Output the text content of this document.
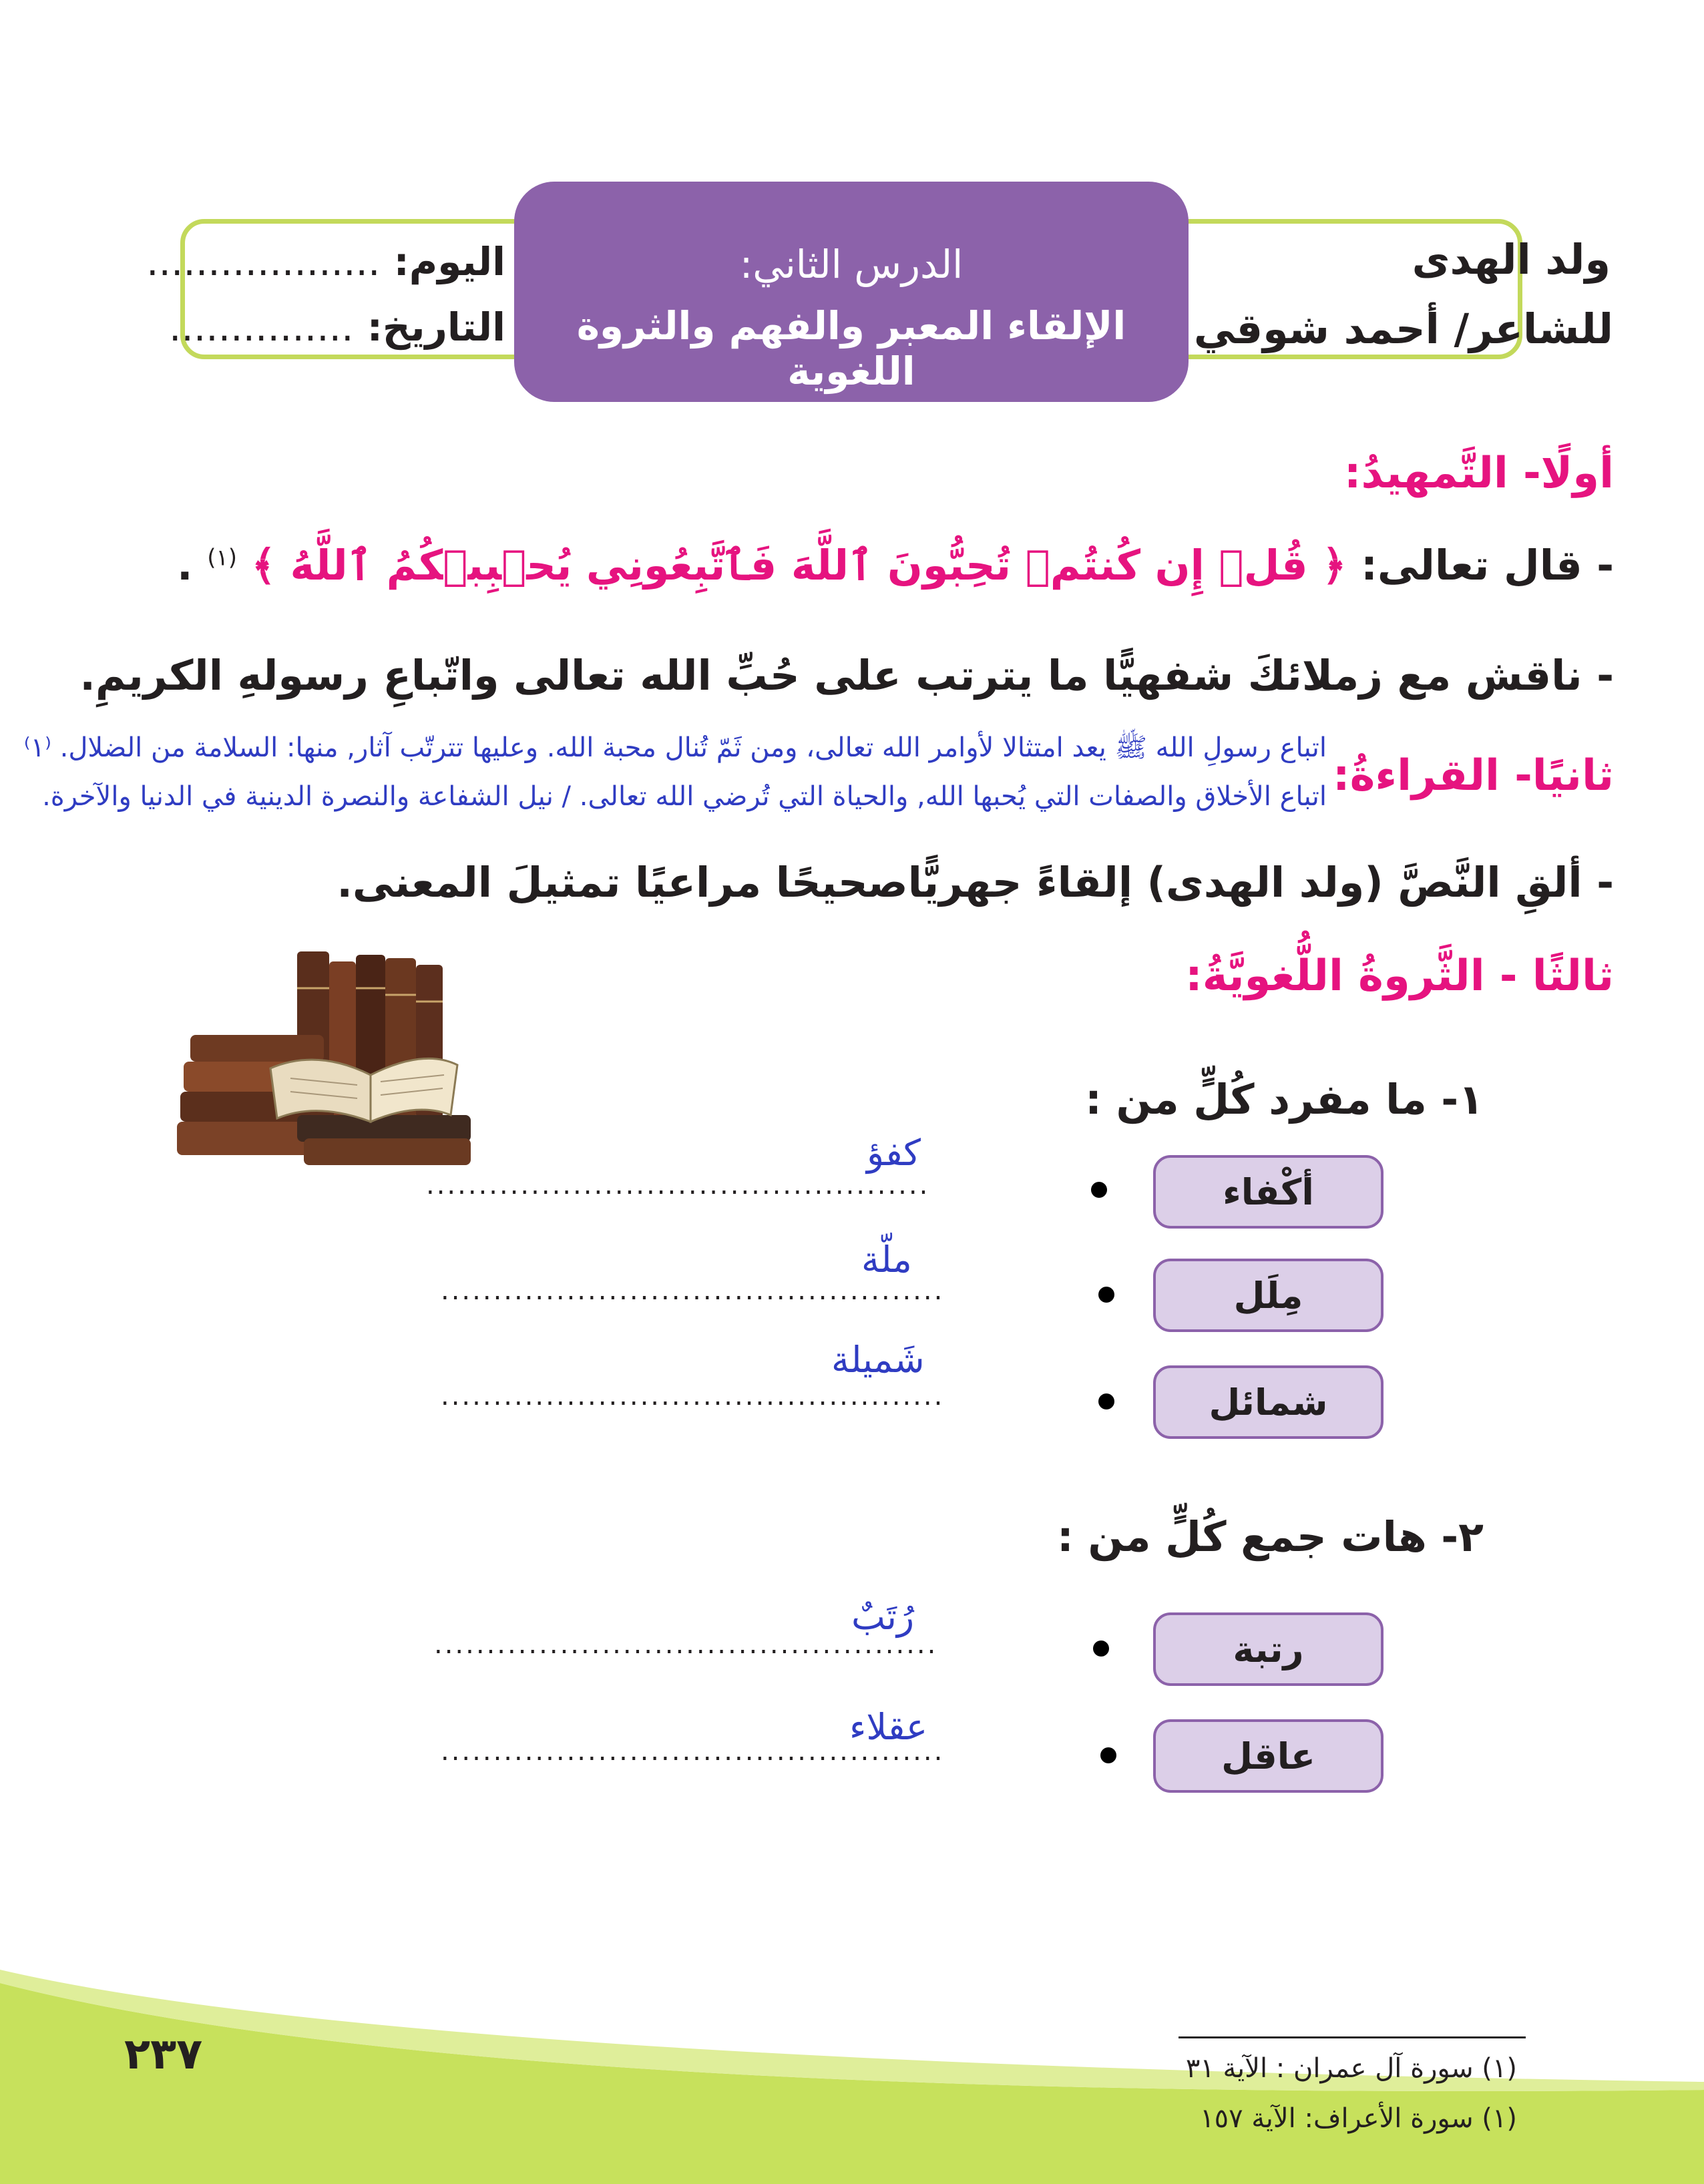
ولد الهدى
للشاعر/ أحمد شوقي
الدرس الثاني:
الإلقاء المعبر والفهم والثروة اللغوية
اليوم: ...................
التاريخ: ...............
أولًا- التَّمهيدُ:
- قال تعالى: ﴿ قُلۡ إِن كُنتُمۡ تُحِبُّونَ ٱللَّهَ فَٱتَّبِعُونِي يُحۡبِبۡكُمُ ٱللَّهُ ﴾ $^{(١)}$ .
- ناقش مع زملائكَ شفهيًّا ما يترتب على حُبِّ الله تعالى واتّباعِ رسولهِ الكريمِ.
اتباع رسولِ الله ﷺ يعد امتثالا لأوامر الله تعالى، ومن ثَمّ تُنال محبة الله. وعليها تترتّب آثار, منها: السلامة من الضلال. ⁽١⁾
اتباع الأخلاق والصفات التي يُحبها الله, والحياة التي تُرضي الله تعالى. / نيل الشفاعة والنصرة الدينية في الدنيا والآخرة. ثانيًا- القراءةُ:
- ألقِ النَّصَّ (ولد الهدى) إلقاءً جهريًّاصحيحًا مراعيًا تمثيلَ المعنى.
ثالثًا - الثَّروةُ اللُّغويَّةُ:
١- ما مفرد كُلٍّ من :
أكْفاء
................................................
كفؤ
مِلَل
................................................
ملّة
شمائل
................................................
شَميلة
٢- هات جمع كُلٍّ من :
رتبة
................................................
رُتَبٌ
عاقل
................................................
عقلاء
(١) سورة آل عمران : الآية ٣١
(١) سورة الأعراف: الآية ١٥٧
٢٣٧
